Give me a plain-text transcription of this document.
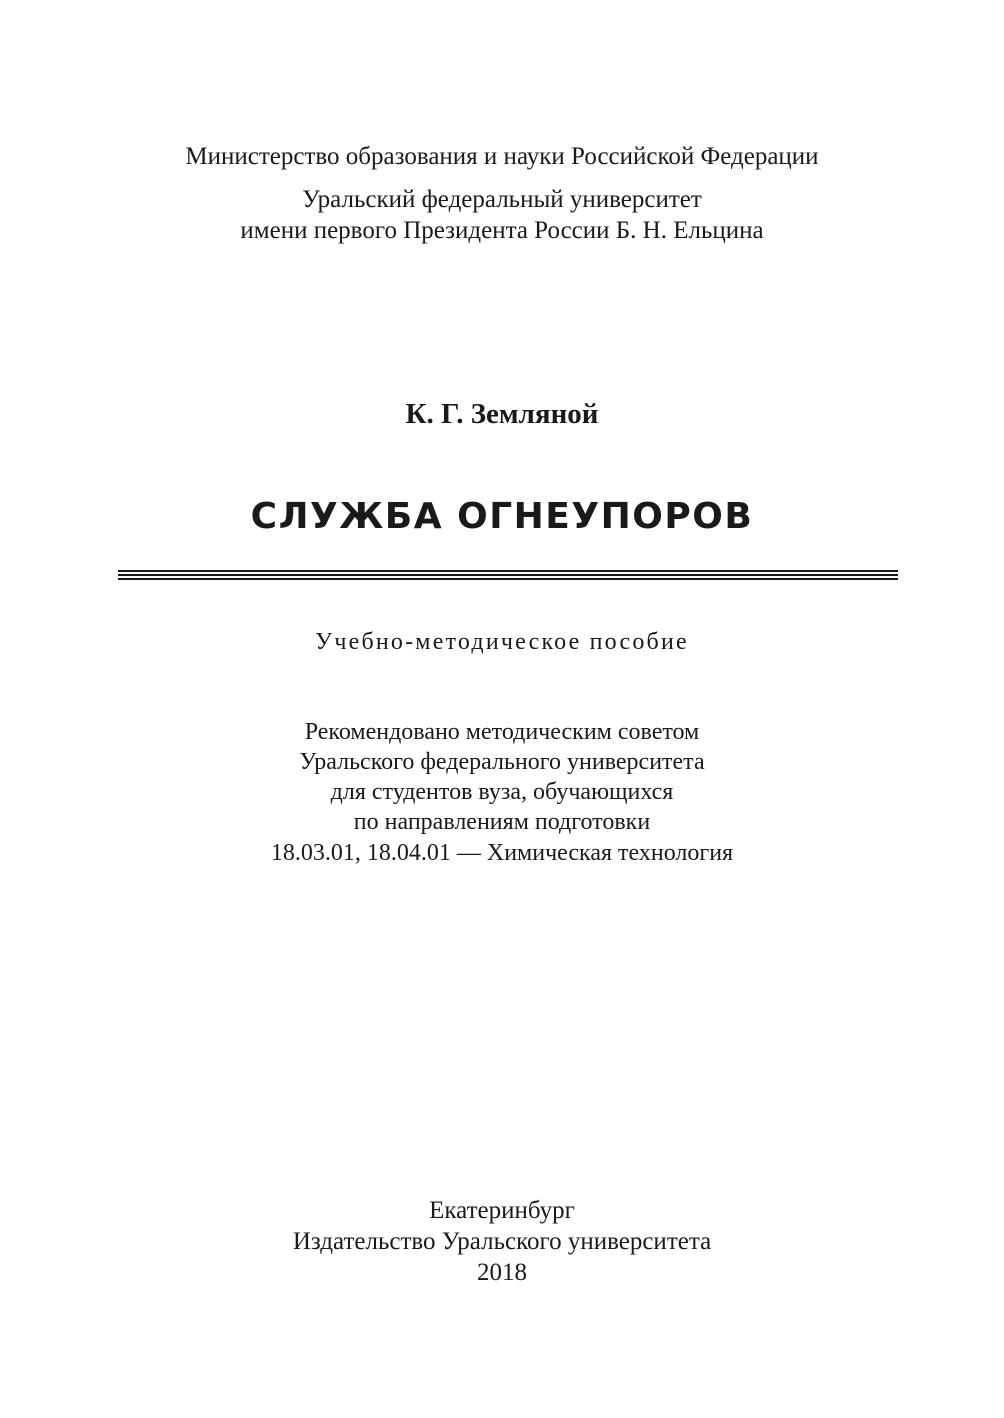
Министерство образования и науки Российской Федерации
Уральский федеральный университет
имени первого Президента России Б. Н. Ельцина
К. Г. Земляной
СЛУЖБА ОГНЕУПОРОВ
Учебно-методическое пособие
Рекомендовано методическим советом
Уральского федерального университета
для студентов вуза, обучающихся
по направлениям подготовки
18.03.01, 18.04.01 — Химическая технология
Екатеринбург
Издательство Уральского университета
2018
